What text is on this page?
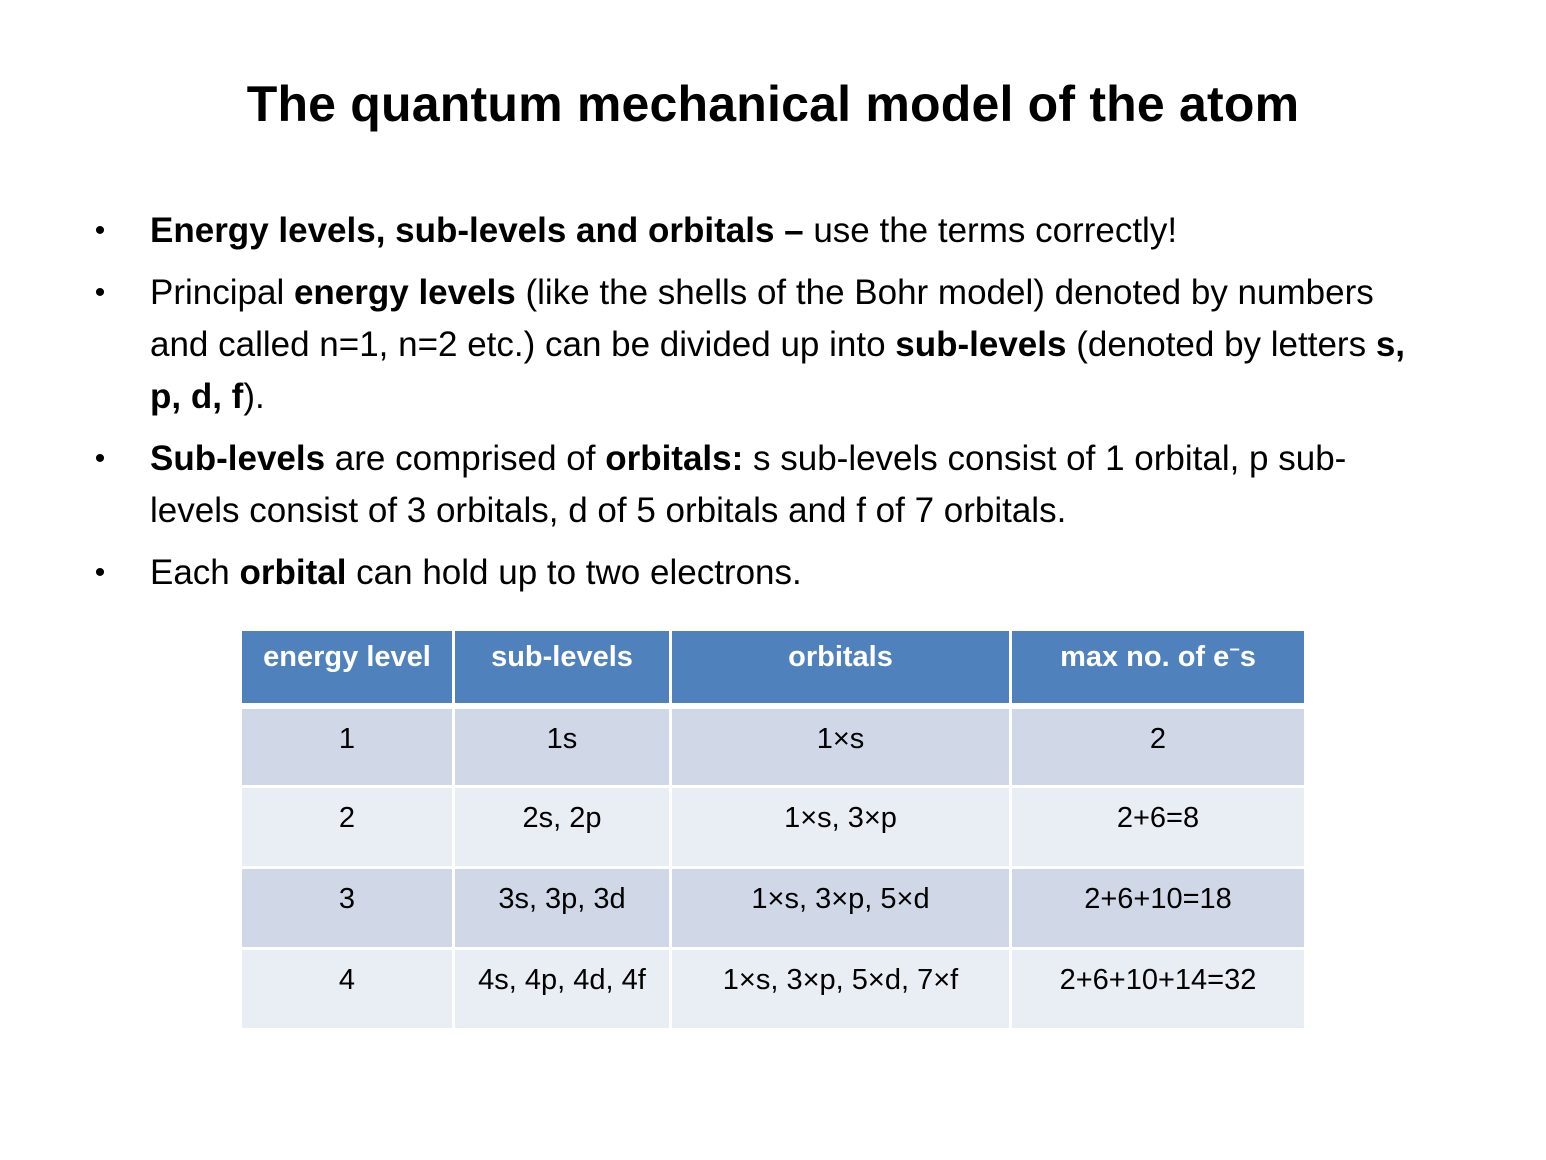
The quantum mechanical model of the atom
• Energy levels, sub-levels and orbitals – use the terms correctly!
• Principal energy levels (like the shells of the Bohr model) denoted by numbers and called n=1, n=2 etc.) can be divided up into sub-levels (denoted by letters s, p, d, f).
• Sub-levels are comprised of orbitals: s sub-levels consist of 1 orbital, p sub-levels consist of 3 orbitals, d of 5 orbitals and f of 7 orbitals.
• Each orbital can hold up to two electrons.
energy level	sub-levels	orbitals	max no. of e−s
1	1s	1×s	2
2	2s, 2p	1×s, 3×p	2+6=8
3	3s, 3p, 3d	1×s, 3×p, 5×d	2+6+10=18
4	4s, 4p, 4d, 4f	1×s, 3×p, 5×d, 7×f	2+6+10+14=32
